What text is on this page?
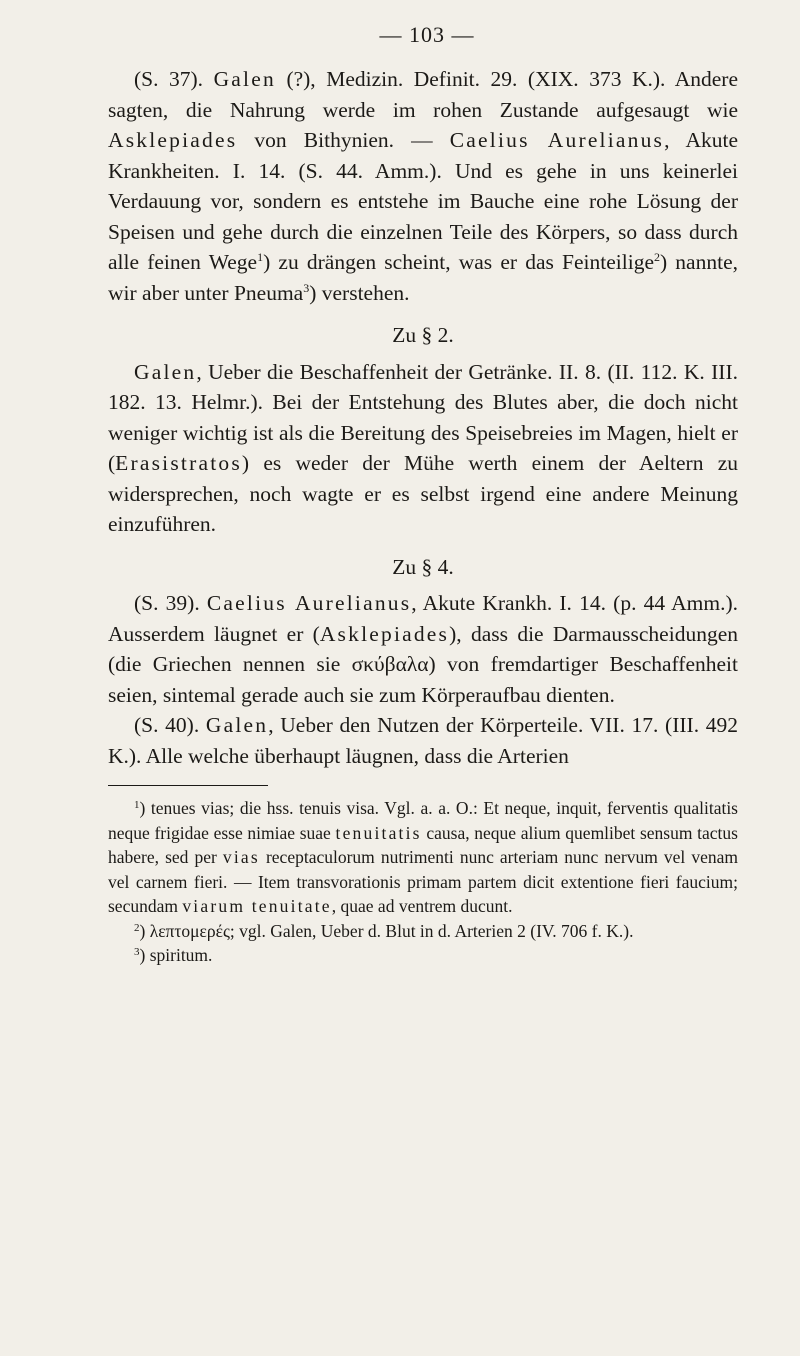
— 103 —

(S. 37). Galen (?), Medizin. Definit. 29. (XIX. 373 K.). Andere sagten, die Nahrung werde im rohen Zustande aufgesaugt wie Asklepiades von Bithynien. — Caelius Aurelianus, Akute Krankheiten. I. 14. (S. 44. Amm.). Und es gehe in uns keinerlei Verdauung vor, sondern es entstehe im Bauche eine rohe Lösung der Speisen und gehe durch die einzelnen Teile des Körpers, so dass durch alle feinen Wege$^1$) zu drängen scheint, was er das Feinteilige$^2$) nannte, wir aber unter Pneuma$^3$) verstehen.

Zu § 2.

Galen, Ueber die Beschaffenheit der Getränke. II. 8. (II. 112. K. III. 182. 13. Helmr.). Bei der Entstehung des Blutes aber, die doch nicht weniger wichtig ist als die Bereitung des Speisebreies im Magen, hielt er (Erasistratos) es weder der Mühe werth einem der Aeltern zu widersprechen, noch wagte er es selbst irgend eine andere Meinung einzuführen.

Zu § 4.

(S. 39). Caelius Aurelianus, Akute Krankh. I. 14. (p. 44 Amm.). Ausserdem läugnet er (Asklepiades), dass die Darmausscheidungen (die Griechen nennen sie σκύβαλα) von fremdartiger Beschaffenheit seien, sintemal gerade auch sie zum Körperaufbau dienten.

(S. 40). Galen, Ueber den Nutzen der Körperteile. VII. 17. (III. 492 K.). Alle welche überhaupt läugnen, dass die Arterien

$^1$) tenues vias; die hss. tenuis visa. Vgl. a. a. O.: Et neque, inquit, ferventis qualitatis neque frigidae esse nimiae suae tenuitatis causa, neque alium quemlibet sensum tactus habere, sed per vias receptaculorum nutrimenti nunc arteriam nunc nervum vel venam vel carnem fieri. — Item transvorationis primam partem dicit extentione fieri faucium; secundam viarum tenuitate, quae ad ventrem ducunt.

$^2$) λεπτομερές; vgl. Galen, Ueber d. Blut in d. Arterien 2 (IV. 706 f. K.).

$^3$) spiritum.
